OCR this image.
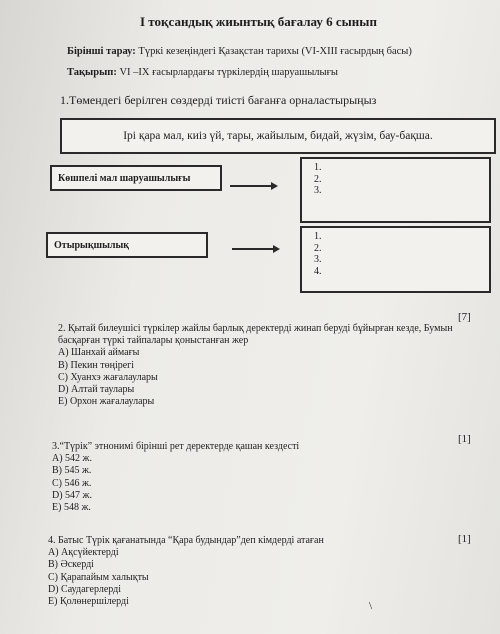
I тоқсандық жиынтық бағалау 6 сынып
Бірінші тарау: Түркі кезеңіндегі Қазақстан тарихы (VI-XIII ғасырдың басы)
Тақырып: VI –IX ғасырлардағы түркілердің шаруашылығы
1.Төмендегі берілген сөздерді тиісті бағанға орналастырыңыз
Ірі қара мал, киіз үй, тары, жайылым, бидай, жүзім, бау-бақша.
Көшпелі мал шаруашылығы
1.
2.
3.
Отырықшылық
1.
2.
3.
4.
[7]
2. Қытай билеушісі түркілер жайлы барлық деректерді жинап беруді бұйырған кезде, Бумын басқарған түркі тайпалары қоныстанған жер
А) Шанхай аймағы
В) Пекин төңірегі
С) Хуанхэ жағалаулары
D) Алтай таулары
Е) Орхон жағалаулары
[1]
3.“Түрік” этнонимі бірінші рет деректерде қашан кездесті
А) 542 ж.
В) 545 ж.
С) 546 ж.
D) 547 ж.
Е) 548 ж.
[1]
4. Батыс Түрік қағанатында “Қара будындар”деп кімдерді атаған
А) Ақсүйектерді
В) Әскерді
С) Қарапайым халықты
D) Саудагерлерді
Е) Қолөнершілерді	\
